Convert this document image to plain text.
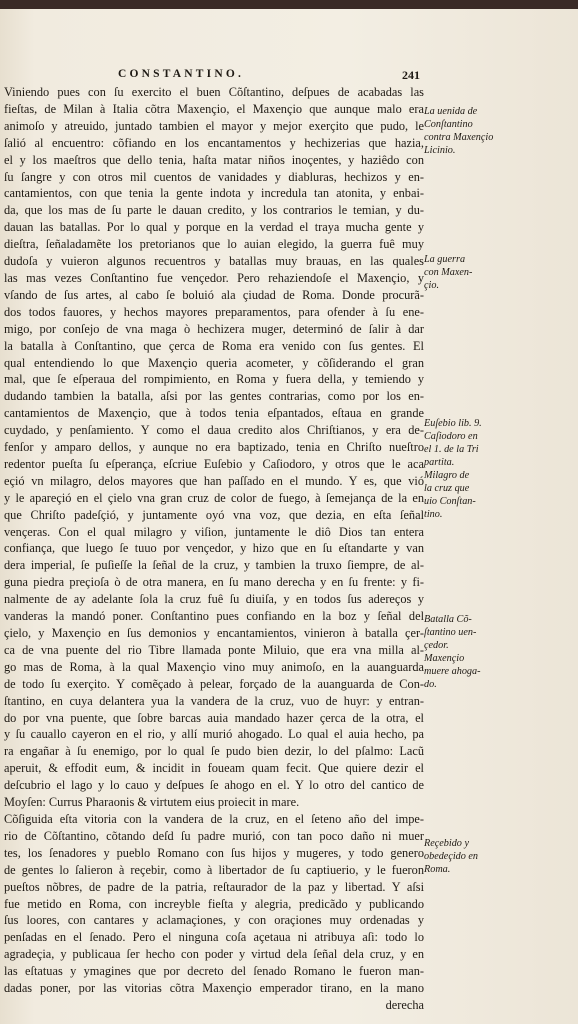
CONSTANTINO.	241
Viniendo pues con ſu exercito el buen Cõſtantino, deſpues de acabadas las
fieſtas, de Milan à Italia cõtra Maxençio, el Maxençio que aunque malo era
animoſo y atreuido, juntado tambien el mayor y mejor exerçito que pudo, le
ſalió al encuentro: cõfiando en los encantamentos y hechizerias que hazia,
el y los maeſtros que dello tenia, haſta matar niños inoçentes, y haziêdo con
ſu ſangre y con otros mil cuentos de vanidades y diabluras, hechizos y en-
cantamientos, con que tenia la gente indota y incredula tan atonita, y enbai-
da, que los mas de ſu parte le dauan credito, y los contrarios le temian, y du-
dauan las batallas. Por lo qual y porque en la verdad el traya mucha gente y
dieſtra, ſeñaladamẽte los pretorianos que lo auian elegido, la guerra fuê muy
dudoſa y vuieron algunos recuentros y batallas muy brauas, en las quales
las mas vezes Conſtantino fue vençedor. Pero rehaziendoſe el Maxençio, y
vſando de ſus artes, al cabo ſe boluió ala çiudad de Roma. Donde procurã-
dos todos fauores, y hechos mayores preparamentos, para ofender à ſu ene-
migo, por conſejo de vna maga ò hechizera muger, determinó de ſalir à dar
la batalla à Conſtantino, que çerca de Roma era venido con ſus gentes. El
qual entendiendo lo que Maxençio queria acometer, y cõſiderando el gran
mal, que ſe eſperaua del rompimiento, en Roma y fuera della, y temiendo y
dudando tambien la batalla, aſsi por las gentes contrarias, como por los en-
cantamientos de Maxençio, que à todos tenia eſpantados, eſtaua en grande
cuydado, y penſamiento. Y como el daua credito alos Chriſtianos, y era de-
fenſor y amparo dellos, y aunque no era baptizado, tenia en Chriſto nueſtro
redentor pueſta ſu eſperança, eſcriue Euſebio y Caſiodoro, y otros que le aca
eçió vn milagro, delos mayores que han paſſado en el mundo. Y es, que vió
y le apareçió en el çielo vna gran cruz de color de fuego, à ſemejança de la en
que Chriſto padeſçió, y juntamente oyó vna voz, que dezia, en eſta ſeñal
vençeras. Con el qual milagro y viſion, juntamente le diô Dios tan entera
confiança, que luego ſe tuuo por vençedor, y hizo que en ſu eſtandarte y van
dera imperial, ſe puſieſſe la ſeñal de la cruz, y tambien la truxo ſiempre, de al-
guna piedra preçioſa ò de otra manera, en ſu mano derecha y en ſu frente: y fi-
nalmente de ay adelante ſola la cruz fuê ſu diuiſa, y en todos ſus adereços y
vanderas la mandó poner. Conſtantino pues confiando en la boz y ſeñal del
çielo, y Maxençio en ſus demonios y encantamientos, vinieron à batalla çer-
ca de vna puente del rio Tibre llamada ponte Miluio, que era vna milla al-
go mas de Roma, à la qual Maxençio vino muy animoſo, en la auanguarda
de todo ſu exerçito. Y comẽçado à pelear, forçado de la auanguarda de Con-
ſtantino, en cuya delantera yua la vandera de la cruz, vuo de huyr: y entran-
do por vna puente, que ſobre barcas auia mandado hazer çerca de la otra, el
y ſu cauallo cayeron en el rio, y allí murió ahogado. Lo qual el auia hecho, pa
ra engañar à ſu enemigo, por lo qual ſe pudo bien dezir, lo del pſalmo: Lacũ
aperuit, & effodit eum, & incidit in foueam quam fecit. Que quiere dezir el
deſcubrio el lago y lo cauo y deſpues ſe ahogo en el. Y lo otro del cantico de
Moyſen: Currus Pharaonis & virtutem eius proiecit in mare.
Cõſiguida eſta vitoria con la vandera de la cruz, en el ſeteno año del impe-
rio de Cõſtantino, cõtando deſd ſu padre murió, con tan poco daño ni muer
tes, los ſenadores y pueblo Romano con ſus hijos y mugeres, y todo genero
de gentes lo ſalieron à reçebir, como à libertador de ſu captiuerio, y le fueron
pueſtos nõbres, de padre de la patria, reſtaurador de la paz y libertad. Y aſsi
fue metido en Roma, con increyble fieſta y alegria, predicãdo y publicando
ſus loores, con cantares y aclamaçiones, y con oraçiones muy ordenadas y
penſadas en el ſenado. Pero el ninguna coſa açetaua ni atribuya aſi: todo lo
agradeçia, y publicaua ſer hecho con poder y virtud dela ſeñal dela cruz, y en
las eſtatuas y ymagines que por decreto del ſenado Romano le fueron man-
dadas poner, por las vitorias cõtra Maxençio emperador tirano, en la mano
derecha
La uenida de
Conſtantino
contra Maxençio
Licinio.
La guerra
con Maxen-
çio.
Euſebio lib. 9.
Caſiodoro en
el 1. de la Tri
partita.
Milagro de
la cruz que
uio Conſtan-
tino.
Batalla Cõ-
ſtantino uen-
çedor.
Maxençio
muere ahoga-
do.
Reçebido y
obedeçido en
Roma.
